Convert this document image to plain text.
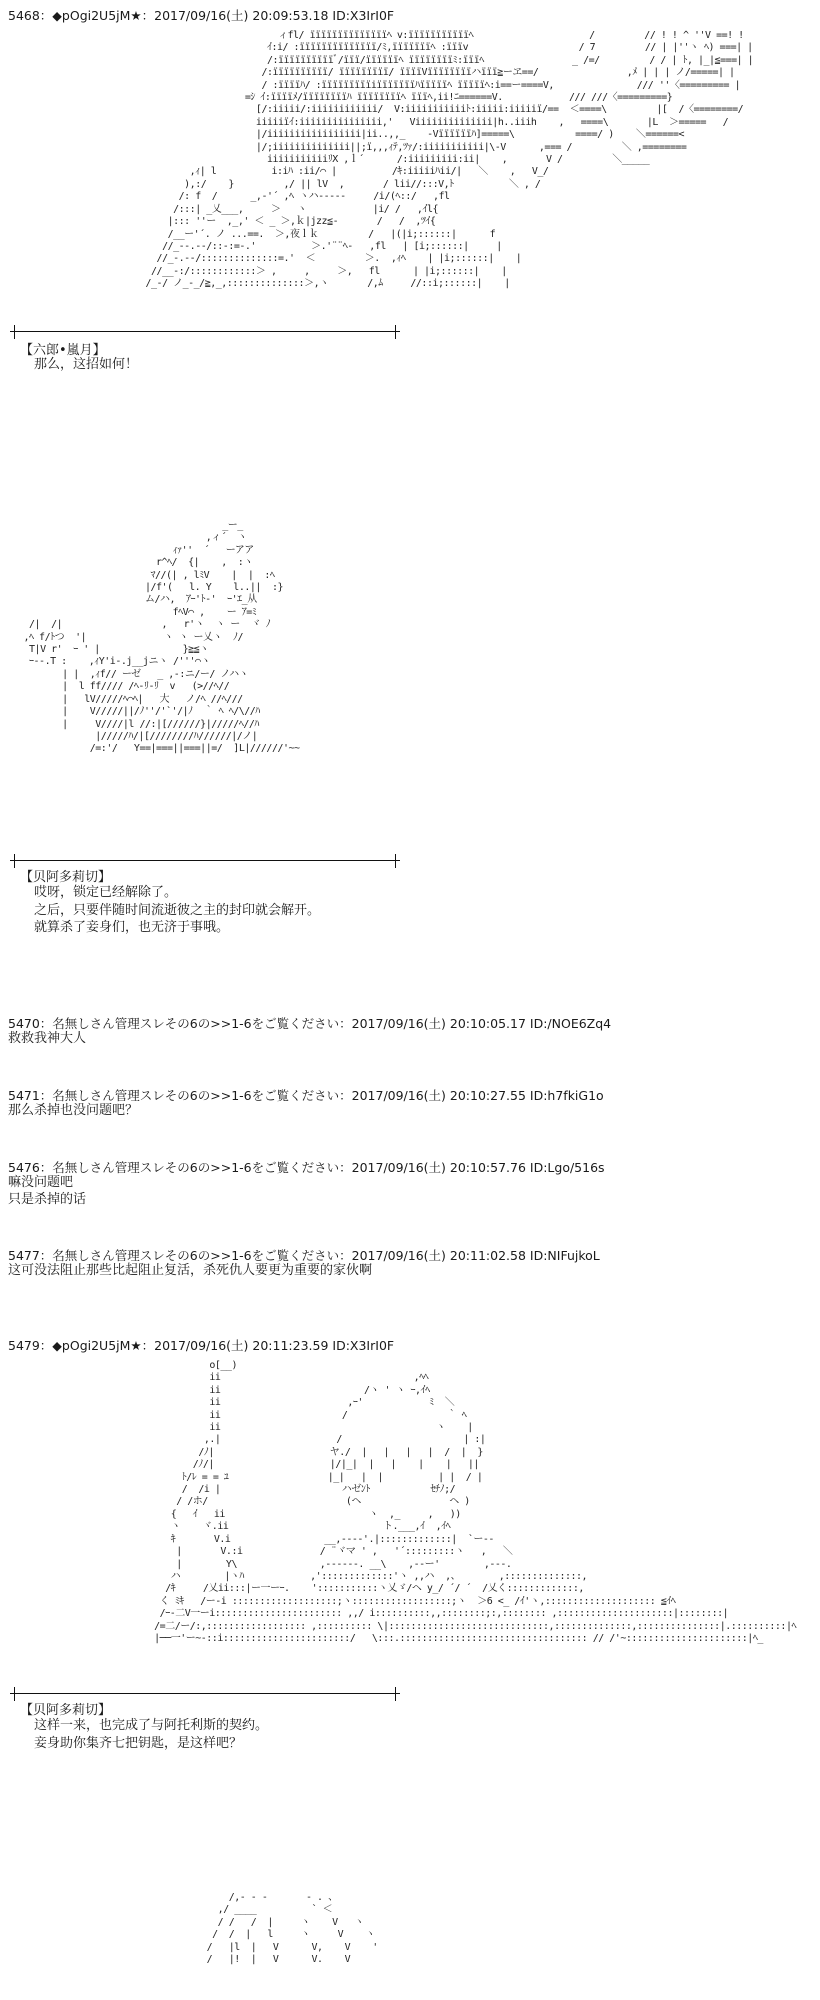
5468：◆pOgi2U5jM★：2017/09/16(土) 20:09:53.18 ID:X3IrI0F
ィfl/ ïïïïïïïïïïïïïïﾍ v:ïïïïïïïïïïïﾍ                     /         // ! ! ^ ''V ==! !
ｲ:i/ :ïïïïïïïïïïïïïï/ﾐ,ïïïïïïïﾍ :ïïïv                    / 7         // | |''ヽ ﾍ) ===| |
/:ïïïïïïïïïïﾞ/ïïï/ïïïïïïﾍ ïïïïïïïïﾐ:ïïïﾍ                _ /=/         / / | ﾄ, |_|≦===| |
/:ïïïïïïïïïï/ ïïïïïïïïï/ ïïïïVïïïïïïïïハïïï≧ーヱ==/                ,ﾒ | | | ノ/=====| |
/ :ïïïïﾊ/ :ïïïïïïïïïiïïïïïïïﾊïïïïïﾍ ïïïïïﾍ:i==ー====V,               /// ''〈========= |
=ｼ ｲ:ïïïïﾒ/ïïïïïïïïﾊ ïïïïïïïïﾍ ïïïﾍ,ii!ﾆ======V.            /// ///〈=========}
[/:iiiii/:iiiiiiiiiiii/  V:iiiiiiiiiiiﾄ:iiiii:iiiiiï/==  ＜====\         |[  /〈========/
iiiiiïｲ:iiiiiiiiiiiiiii,'   Viiiiiiiiiiiiii|h..iiih    ,   ====\       |L  ＞=====   /
|/iiiiiiiiiiiiiiiii|ii..,,_    -Vïïïïïïﾊ]=====\           ====/ )    ＼======<
|/;iiiiiiiiiiiiii||;ï,,,ｨﾃ,ﾂｧ/:iiiiiiiiiii|\-V      ,=== /         ＼ ,========
iiiiiiiiiiiﾘX ,ｌ´      /:iiiiiiiii:ii|    ,       V /         ＼_____
,ｨ| l          i:iﾊ :ii/⌒ |          /ｷ:iiiiiﾊii/|   ＼    ,   V_/
),:/    }         ,/ || lV  ,       / lii//:::V,ﾄ          ＼ , /
/: f  /      _,-'´ ,ﾍ ヽハ-----     /i/(ﾍ::/   ,fl
/:::| _乂___,     ＞   ヽ            |i/ /   ,ｲl{
|::: ''ー  ,_,' ＜ _ ＞,ｋ|jzz≦-       /   /  ,ﾂｲ{
/__ー'´. ノ ...==.  ＞,夜ｌｋ         /   |(|i;::::::|      f
//_--.--/::-:=-.'          ＞.'¨¨ﾍ-   ,fl   | [i;::::::|     |
//_-.--/::::::::::::::=.'  ＜         ＞.  ,ｨﾍ    | |i;::::::|    |
//__-:/::::::::::::＞ ,     ,     ＞,   fl      | |i;::::::|    |
/_-/ ノ_-_/≧,_,::::::::::::::＞,ヽ       /,ﾑ     //::i;::::::|    |

【六郎•嵐月】
那么，这招如何！
_ー_
,ィ´  ヽ
ｨｧ''  ´   ーアア
r^ﾍ/  {|    ,  :ヽ
ﾏ//(| , lﾐV    |  |  :ﾍ
|/f'(   l. Y    l..||  :}
ム/ハ,  ｱｰ'ﾄ-'  ｰ'ｴ_从
fﾍV⌒ ,    ー ｱ=ﾐ
/|  /|                  ,   r'ヽ  ヽ ー  ヾ ﾉ
,ﾍ f/ﾄつ  '|              ヽ ヽ ー乂ヽ  ﾉ/
T|V r'  ｰ ' |               }≧≦ヽ
ｰ--.T :    ,ｨY'i-.j__jニヽ /'''⌒ヽ
| |  ,ｨf// ーゼ   _ ,-:ニ/ー/ ノハヽ
|  l ff//// /ﾍ-ﾘ-ﾘ  v   (>//ﾍ//
|   lV/////ﾍ⌒ﾍ|   大   ノ/ﾍ //ﾍ///
|    V/////||/ﾉ''/'`'/|ﾉ  ｀ ﾍ ﾍ/\//ﾊ
|     V////|l //:|[//////}|/////ﾍ//ﾊ
|/////ﾊ/|[////////ﾊ//////|/ノ|
/=:'/   Y==|===||===||=/  ]L|//////'~~

【贝阿多莉切】
哎呀，锁定已经解除了。
之后，只要伴随时间流逝彼之主的封印就会解开。
就算杀了妾身们，也无济于事哦。
5470：名無しさん管理スレその6の>>1-6をご覧ください：2017/09/16(土) 20:10:05.17 ID:/NOE6Zq4
救救我神大人
5471：名無しさん管理スレその6の>>1-6をご覧ください：2017/09/16(土) 20:10:27.55 ID:h7fkiG1o
那么杀掉也没问题吧？
5476：名無しさん管理スレその6の>>1-6をご覧ください：2017/09/16(土) 20:10:57.76 ID:Lgo/516s
嘛没问题吧
只是杀掉的话
5477：名無しさん管理スレその6の>>1-6をご覧ください：2017/09/16(土) 20:11:02.58 ID:NIFujkoL
这可没法阻止那些比起阻止复活，杀死仇人要更为重要的家伙啊
5479：◆pOgi2U5jM★：2017/09/16(土) 20:11:23.59 ID:X3IrI0F
o[__)
ii                                   ,ﾍﾍ
ii                          /ヽ ' ヽ ｰ,ｲﾍ
ii                       ,ｰ'            ﾐ  ＼
ii                      /                  ｀ ﾍ
ii                                       ヽ    |
,.|                     /                      | :|
/ﾉ|                     ヤ./  |   |   |   |  /  |  }
/ﾉ/|                     |/|_|  |   |    |    |   ||
ﾄ/ﾚ = = ﾕ                  |_|   |  |          | |  / |
/  /i |                      ハゼﾝﾄ           ｾﾁﾉ;/
/ /ホ/                         (ヘ                ヘ )
{   ｲ   ii                          ヽ  ,_     ,   ))
ヽ    ヾ.ii                            ト.___,ｲ  ,ｲﾍ
ｷ       V.i                 __,----'.|:::::::::::::|  `ー--
|       V.:i              / ¨ヾマ ' ,   '´:::::::::ヽ   ,   ＼
|        Y\               ,------. __\    ,--ー'        ,---.
ハ        |ヽﾊ            ,':::::::::::::'ヽ ,,ハ  ,、       ,::::::::::::::,
/ｷ     /乂ii:::|ー一ーｰ.    ':::::::::::ヽ乂ゞ/ヘ y_/ ´/ ´  /乂く:::::::::::::,
く ﾐｷ   /ー-i :::::::::::::::::::;ヽ::::::::::::::::::;ヽ  ＞6 <_ /ｲ'ヽ,:::::::::::::::::::: ≦ｲﾍ
/ｰ-二V一ーi::::::::::::::::::::::: ,,/ i::::::::::,,::::::::;:,:::::::: ,:::::::::::::::::::::|::::::::|
/=二/ー/:,:::::::::::::::::: ,:::::::::: \|:::::::::::::::::::::::::::::,::::::::::::::,:::::::::::::::|.::::::::::|ﾍ
|──一'ー~-::i:::::::::::::::::::::::/   \:::.:::::::::::::::::::::::::::::::::: // /'~::::::::::::::::::::::|ﾍ_

【贝阿多莉切】
这样一来，也完成了与阿托利斯的契约。
妾身助你集齐七把钥匙，是这样吧？
/,- - -       - . 、
,/ ____          ` ＜
/ /   /  |     ヽ    V   ヽ
/  /  |   l     ヽ     V    ヽ
/   |l  |   V      V,    V    '
/   |!  |   V      V.    V
